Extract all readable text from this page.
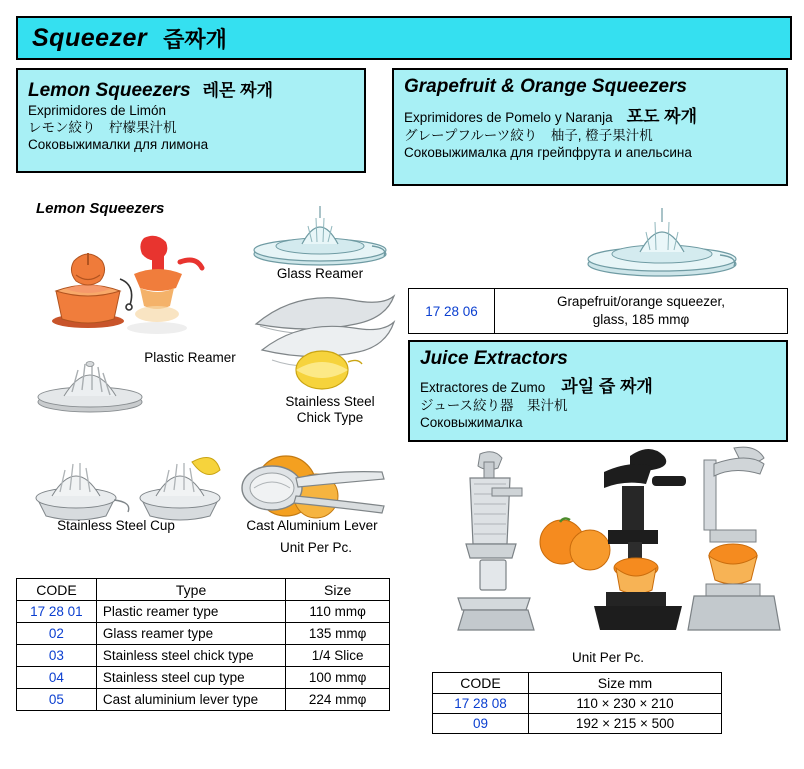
Squeezer 즙짜개
Lemon Squeezers 레몬 짜개
Exprimidores de Limón
レモン絞り　柠檬果汁机
Соковыжималки для лимона
Grapefruit & Orange Squeezers
Exprimidores de Pomelo y Naranja 포도 짜개
グレープフルーツ絞り　柚子, 橙子果汁机
Соковыжималка для грейпфрута и апельсина
Juice Extractors
Extractores de Zumo 과일 즙 짜개
ジュース絞り器　果汁机
Соковыжималка
Lemon Squeezers
Glass Reamer
Plastic Reamer
Stainless Steel
Chick Type
Stainless Steel Cup	Cast Aluminium Lever
Unit Per Pc.
CODE	Type	Size
17 28 01	Plastic reamer type	110 mmφ
02	Glass reamer type	135 mmφ
03	Stainless steel chick type	1/4 Slice
04	Stainless steel cup type	100 mmφ
05	Cast aluminium lever type	224 mmφ
17 28 06	Grapefruit/orange squeezer,
glass, 185 mmφ
Unit Per Pc.
CODE	Size mm
17 28 08	110 × 230 × 210
09	192 × 215 × 500
